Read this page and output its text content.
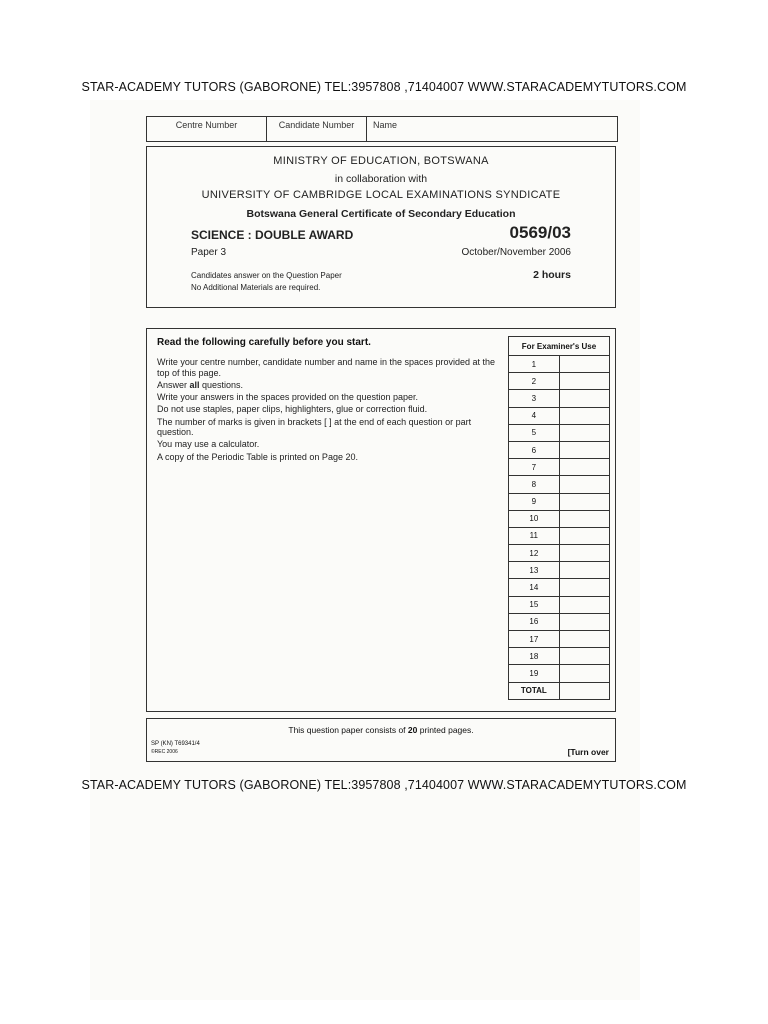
STAR-ACADEMY TUTORS (GABORONE) TEL:3957808 ,71404007 WWW.STARACADEMYTUTORS.COM
Centre Number	Candidate Number	Name
MINISTRY OF EDUCATION, BOTSWANA
in collaboration with
UNIVERSITY OF CAMBRIDGE LOCAL EXAMINATIONS SYNDICATE
Botswana General Certificate of Secondary Education
SCIENCE : DOUBLE AWARD	0569/03
Paper 3	October/November 2006
Candidates answer on the Question Paper
No Additional Materials are required.
2 hours
Read the following carefully before you start.
Write your centre number, candidate number and name in the spaces provided at the top of this page.
Answer all questions.
Write your answers in the spaces provided on the question paper.
Do not use staples, paper clips, highlighters, glue or correction fluid.
The number of marks is given in brackets [ ] at the end of each question or part question.
You may use a calculator.
A copy of the Periodic Table is printed on Page 20.
For Examiner's Use	
1	
2	
3	
4	
5	
6	
7	
8	
9	
10	
11	
12	
13	
14	
15	
16	
17	
18	
19	
TOTAL	
This question paper consists of 20 printed pages.
SP (KN) T69341/4
©REC 2006	[Turn over
STAR-ACADEMY TUTORS (GABORONE) TEL:3957808 ,71404007 WWW.STARACADEMYTUTORS.COM
